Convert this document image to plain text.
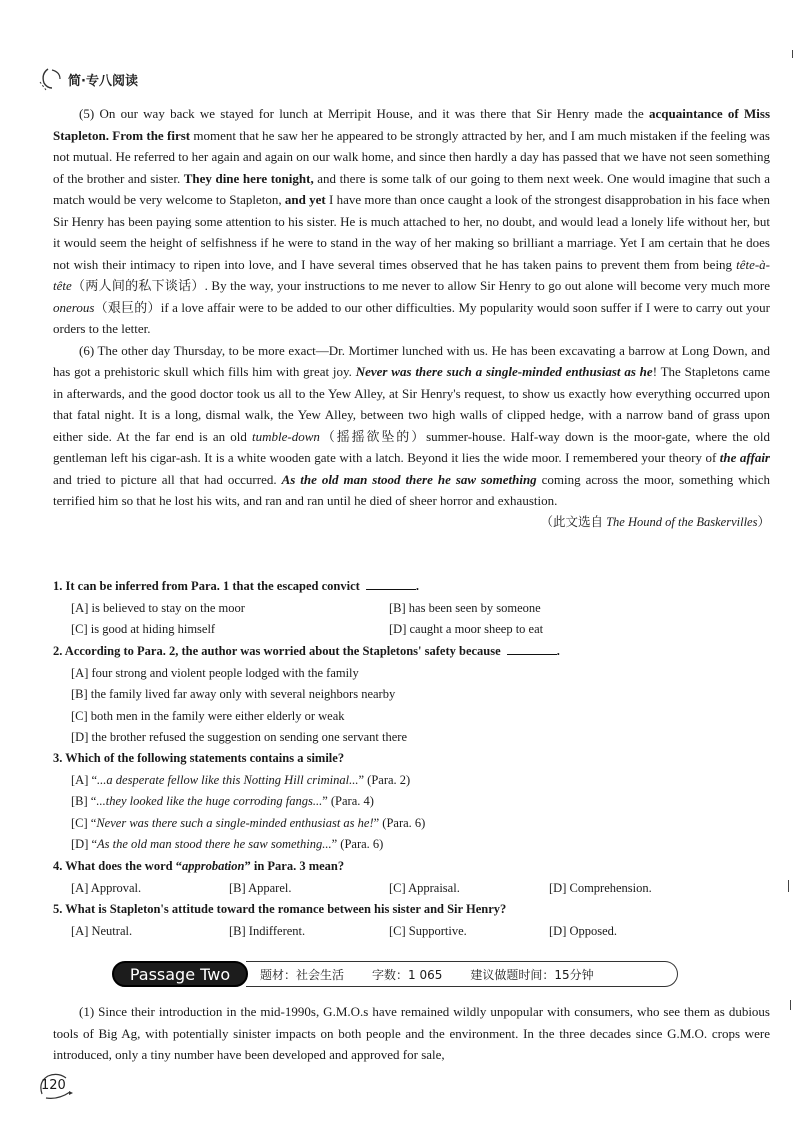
简·专八阅读

(5) On our way back we stayed for lunch at Merripit House, and it was there that Sir Henry made the acquaintance of Miss Stapleton. From the first moment that he saw her he appeared to be strongly attracted by her, and I am much mistaken if the feeling was not mutual. He referred to her again and again on our walk home, and since then hardly a day has passed that we have not seen something of the brother and sister. They dine here tonight, and there is some talk of our going to them next week. One would imagine that such a match would be very welcome to Stapleton, and yet I have more than once caught a look of the strongest disapprobation in his face when Sir Henry has been paying some attention to his sister. He is much attached to her, no doubt, and would lead a lonely life without her, but it would seem the height of selfishness if he were to stand in the way of her making so brilliant a marriage. Yet I am certain that he does not wish their intimacy to ripen into love, and I have several times observed that he has taken pains to prevent them from being tête-à-tête（两人间的私下谈话）. By the way, your instructions to me never to allow Sir Henry to go out alone will become very much more onerous（艰巨的）if a love affair were to be added to our other difficulties. My popularity would soon suffer if I were to carry out your orders to the letter.

(6) The other day Thursday, to be more exact—Dr. Mortimer lunched with us. He has been excavating a barrow at Long Down, and has got a prehistoric skull which fills him with great joy. Never was there such a single-minded enthusiast as he! The Stapletons came in afterwards, and the good doctor took us all to the Yew Alley, at Sir Henry's request, to show us exactly how everything occurred upon that fatal night. It is a long, dismal walk, the Yew Alley, between two high walls of clipped hedge, with a narrow band of grass upon either side. At the far end is an old tumble-down（摇摇欲坠的）summer-house. Half-way down is the moor-gate, where the old gentleman left his cigar-ash. It is a white wooden gate with a latch. Beyond it lies the wide moor. I remembered your theory of the affair and tried to picture all that had occurred. As the old man stood there he saw something coming across the moor, something which terrified him so that he lost his wits, and ran and ran until he died of sheer horror and exhaustion.

（此文选自 The Hound of the Baskervilles）

1. It can be inferred from Para. 1 that the escaped convict	.
[A] is believed to stay on the moor	[B] has been seen by someone
[C] is good at hiding himself	[D] caught a moor sheep to eat
2. According to Para. 2, the author was worried about the Stapletons' safety because	.
[A] four strong and violent people lodged with the family
[B] the family lived far away only with several neighbors nearby
[C] both men in the family were either elderly or weak
[D] the brother refused the suggestion on sending one servant there
3. Which of the following statements contains a simile?
[A] “...a desperate fellow like this Notting Hill criminal...” (Para. 2)
[B] “...they looked like the huge corroding fangs...” (Para. 4)
[C] “Never was there such a single-minded enthusiast as he!” (Para. 6)
[D] “As the old man stood there he saw something...” (Para. 6)
4. What does the word “approbation” in Para. 3 mean?
[A] Approval.	[B] Apparel.	[C] Appraisal.	[D] Comprehension.
5. What is Stapleton's attitude toward the romance between his sister and Sir Henry?
[A] Neutral.	[B] Indifferent.	[C] Supportive.	[D] Opposed.
Passage Two	题材：社会生活 字数：1 065 建议做题时间：15分钟

(1) Since their introduction in the mid-1990s, G.M.O.s have remained wildly unpopular with consumers, who see them as dubious tools of Big Ag, with potentially sinister impacts on both people and the environment. In the three decades since G.M.O. crops were introduced, only a tiny number have been developed and approved for sale,

120
